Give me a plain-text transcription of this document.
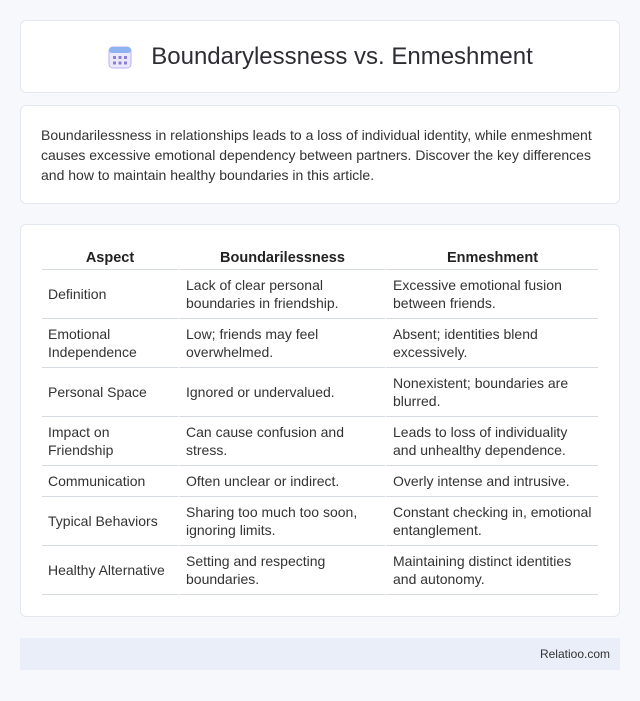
Boundarylessness vs. Enmeshment

Boundarilessness in relationships leads to a loss of individual identity, while enmeshment causes excessive emotional dependency between partners. Discover the key differences and how to maintain healthy boundaries in this article.

Aspect	Boundarilessness	Enmeshment
Definition	Lack of clear personal boundaries in friendship.	Excessive emotional fusion between friends.
Emotional Independence	Low; friends may feel overwhelmed.	Absent; identities blend excessively.
Personal Space	Ignored or undervalued.	Nonexistent; boundaries are blurred.
Impact on Friendship	Can cause confusion and stress.	Leads to loss of individuality and unhealthy dependence.
Communication	Often unclear or indirect.	Overly intense and intrusive.
Typical Behaviors	Sharing too much too soon, ignoring limits.	Constant checking in, emotional entanglement.
Healthy Alternative	Setting and respecting boundaries.	Maintaining distinct identities and autonomy.
Relatioo.com
